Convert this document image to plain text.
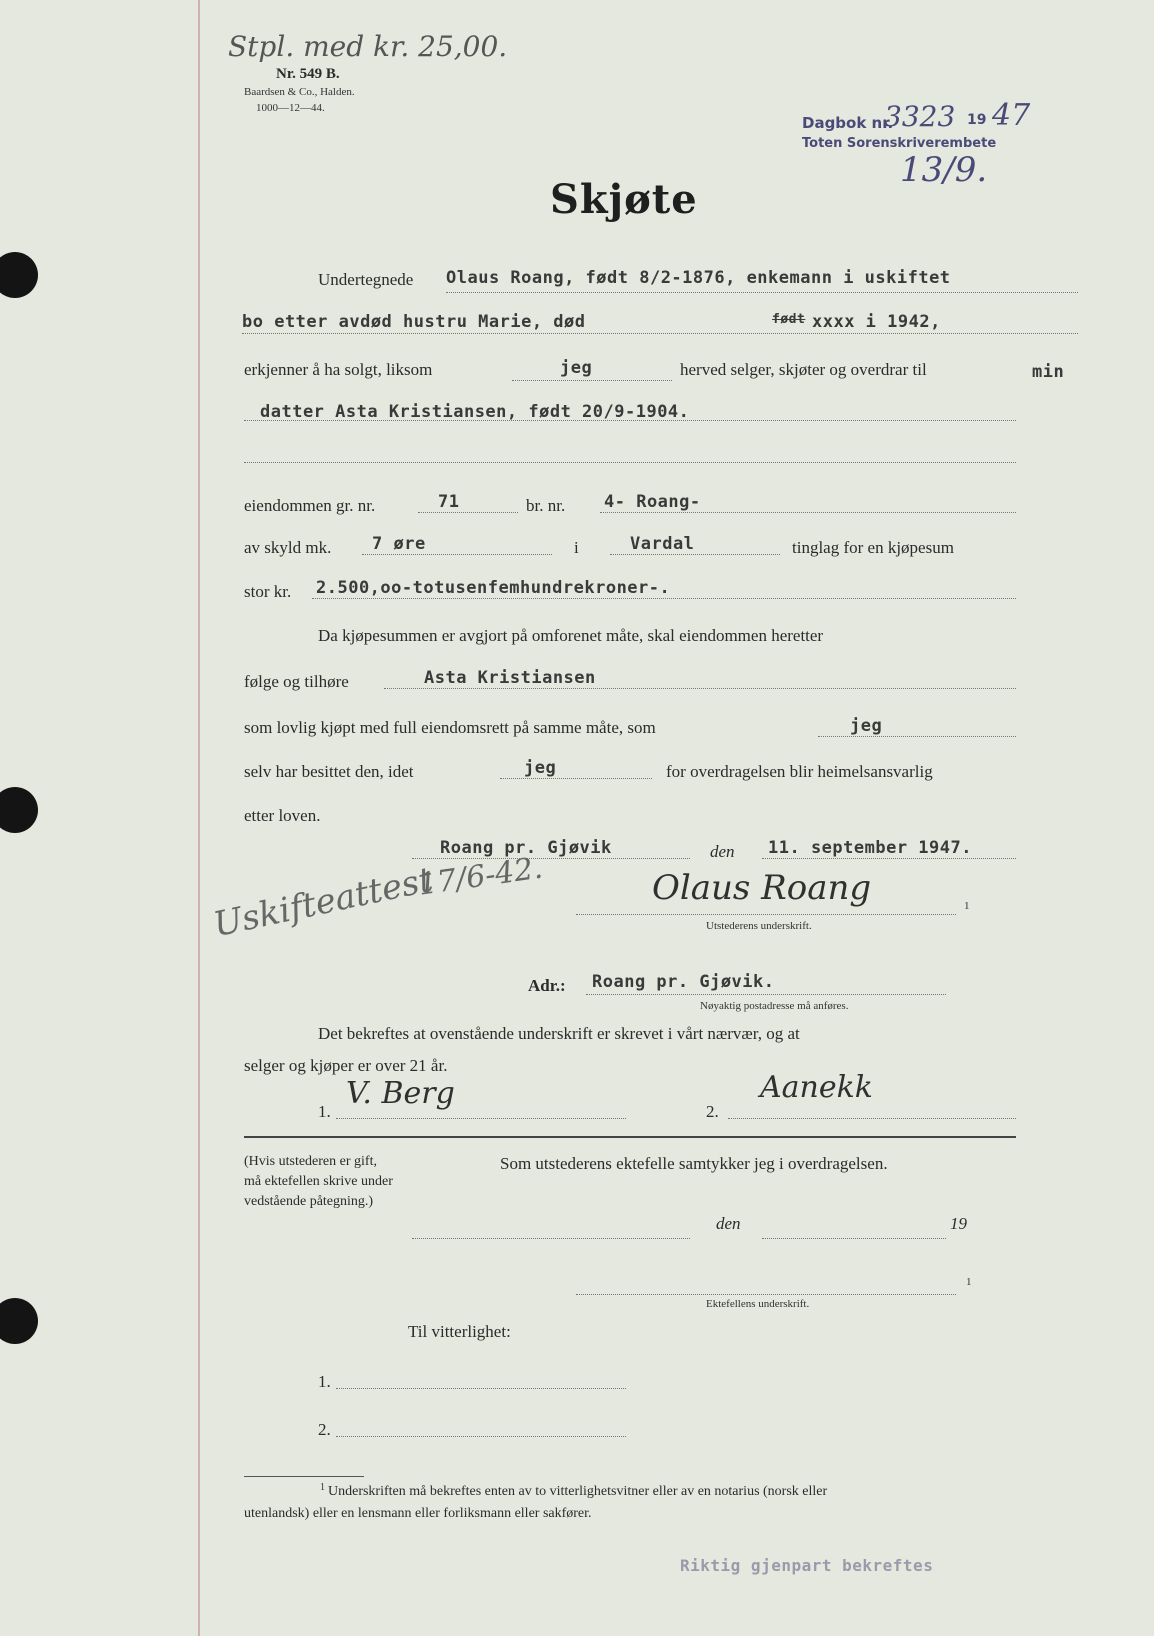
Stpl. med kr. 25,00.
Nr. 549 B.
Baardsen & Co., Halden.
1000—12—44.
Dagbok nr.
3323 19 47
Toten Sorenskriverembete
13/9.
Skjøte
Undertegnede Olaus Roang, født 8/2-1876, enkemann i uskiftet
bo etter avdød hustru Marie, død	født xxxx i 1942,
erkjenner å ha solgt, liksom	jeg	herved selger, skjøter og overdrar til	min
datter Asta Kristiansen, født 20/9-1904.
eiendommen gr. nr.	71	br. nr. 4- Roang-
av skyld mk. 7 øre	i	Vardal	tinglag for en kjøpesum
stor kr. 2.500,oo-totusenfemhundrekroner-.
Da kjøpesummen er avgjort på omforenet måte, skal eiendommen heretter
følge og tilhøre	Asta Kristiansen
som lovlig kjøpt med full eiendomsrett på samme måte, som	jeg
selv har besittet den, idet	jeg	for overdragelsen blir heimelsansvarlig
etter loven.
Roang pr. Gjøvik	den 11. september 1947.
Olaus Roang	1
Utstederens underskrift.
17/6-42.
Uskifteattest
Adr.: Roang pr. Gjøvik.
Nøyaktig postadresse må anføres.
Det bekreftes at ovenstående underskrift er skrevet i vårt nærvær, og at
selger og kjøper er over 21 år.
1.
V. Berg
2.
Aanekk
(Hvis utstederen er gift,
må ektefellen skrive under
vedstående påtegning.)
Som utstederens ektefelle samtykker jeg i overdragelsen.
den	19
1
Ektefellens underskrift.
Til vitterlighet:
1.
2.
1 Underskriften må bekreftes enten av to vitterlighetsvitner eller av en notarius (norsk eller
utenlandsk) eller en lensmann eller forliksmann eller sakfører.
Riktig gjenpart bekreftes
